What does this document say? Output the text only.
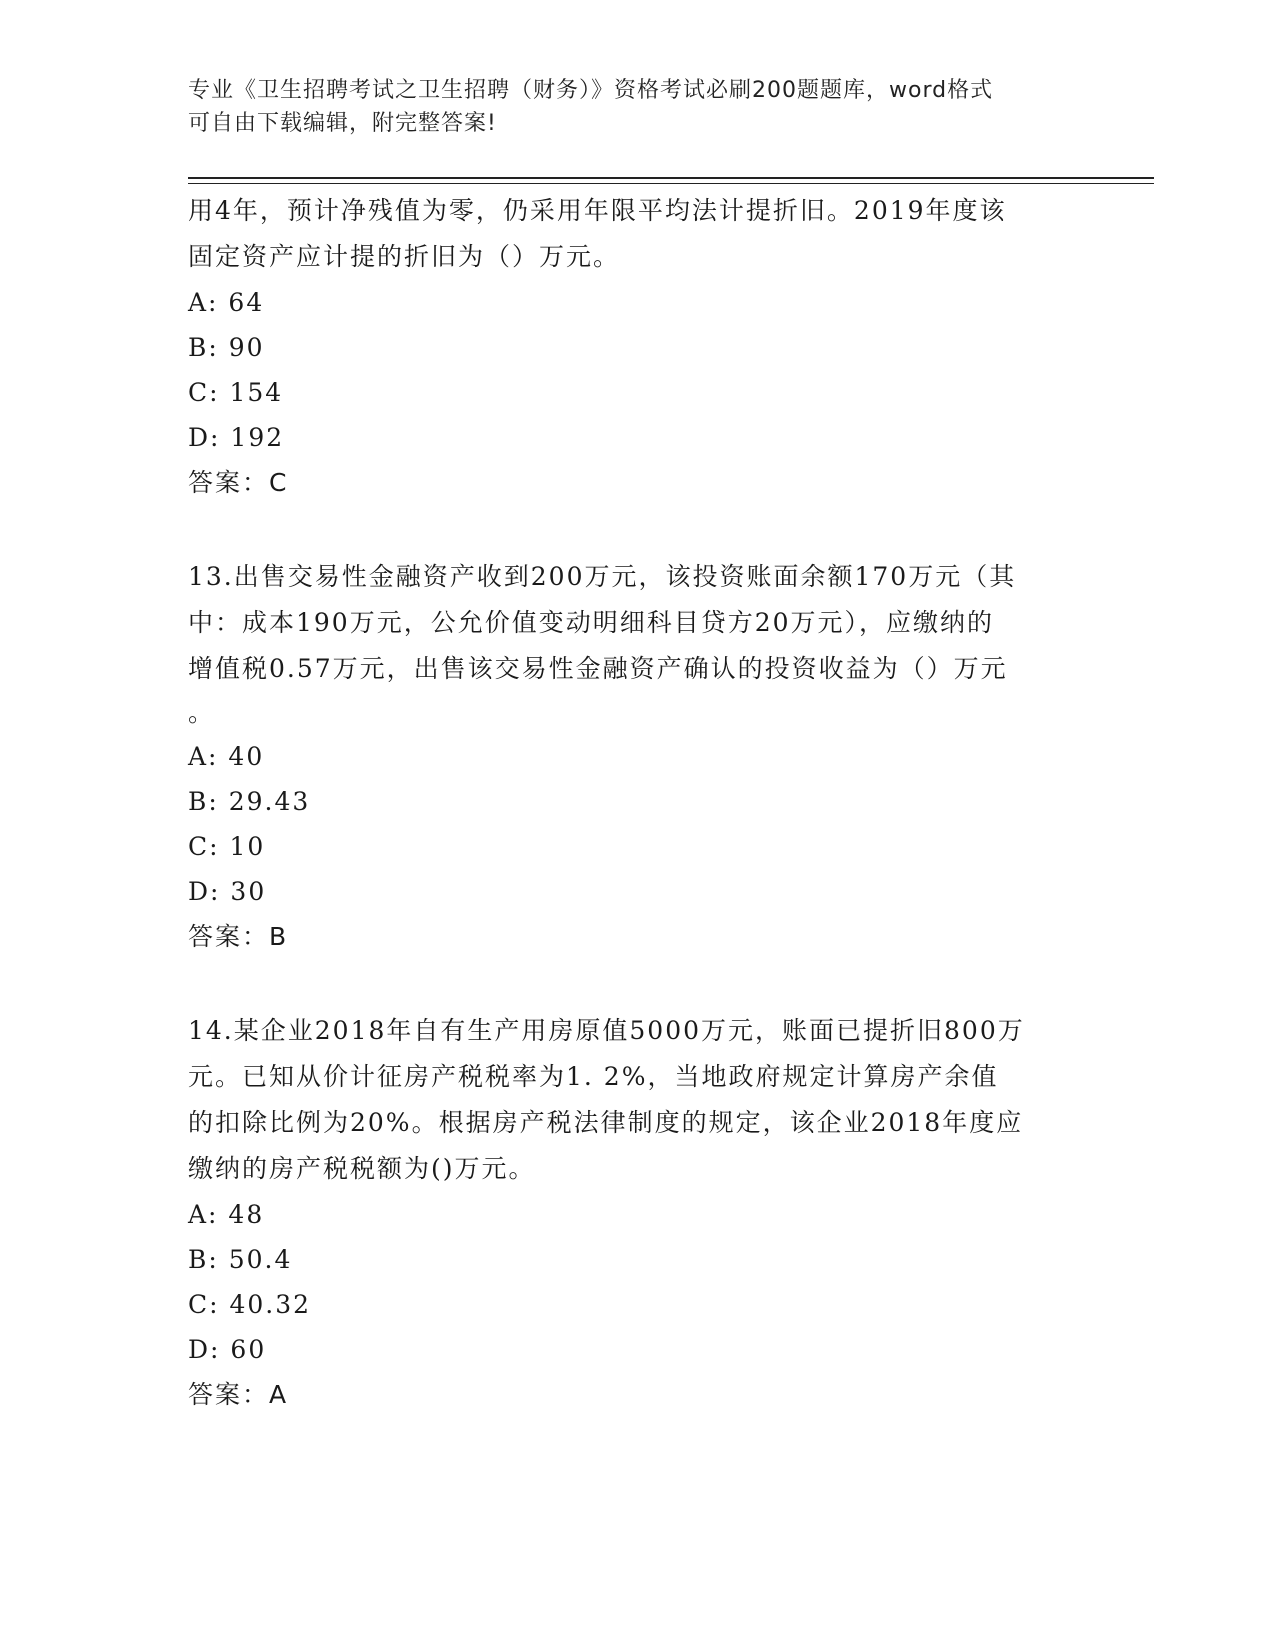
专业《卫生招聘考试之卫生招聘（财务）》资格考试必刷200题题库，word格式
可自由下载编辑，附完整答案!

用4年，预计净残值为零，仍采用年限平均法计提折旧。2019年度该

固定资产应计提的折旧为（）万元。

A: 64

B: 90

C: 154

D: 192

答案：C

13.出售交易性金融资产收到200万元，该投资账面余额170万元（其

中：成本190万元，公允价值变动明细科目贷方20万元），应缴纳的

增值税0.57万元，出售该交易性金融资产确认的投资收益为（）万元

。

A: 40

B: 29.43

C: 10

D: 30

答案：B

14.某企业2018年自有生产用房原值5000万元，账面已提折旧800万

元。已知从价计征房产税税率为1. 2%，当地政府规定计算房产余值

的扣除比例为20%。根据房产税法律制度的规定，该企业2018年度应

缴纳的房产税税额为()万元。

A: 48

B: 50.4

C: 40.32

D: 60

答案：A
